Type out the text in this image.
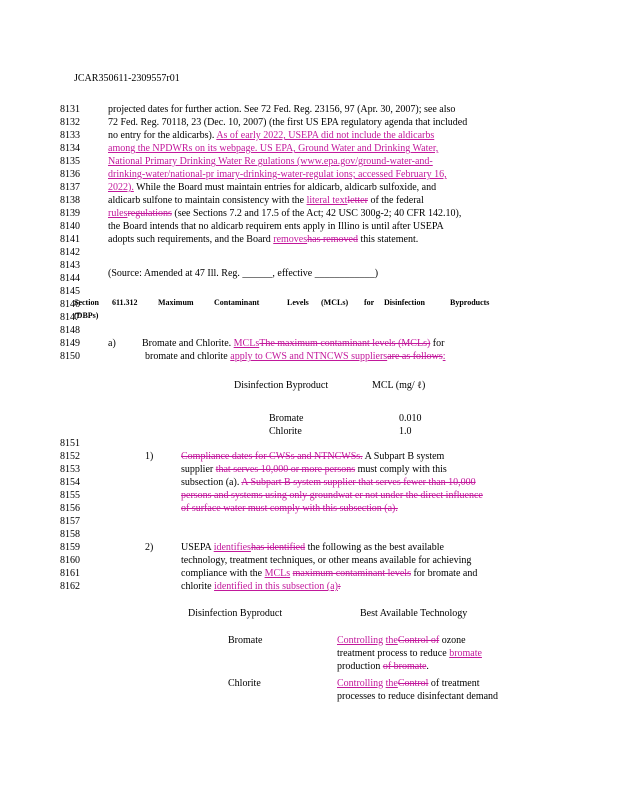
JCAR350611-2309557r01
8131
8132
8133
8134
8135
8136
8137
8138
8139
8140
8141
8142
8143
8144
8145
8146
8147
8148
8149
8150
8151
8152
8153
8154
8155
8156
8157
8158
8159
8160
8161
8162
projected dates for further action. See 72 Fed. Reg. 23156, 97 (Apr. 30, 2007); see also
72 Fed. Reg. 70118, 23 (Dec. 10, 2007) (the first US EPA regulatory agenda that included
no entry for the aldicarbs). As of early 2022, USEPA did not include the aldicarbs
among the NPDWRs on its webpage. US EPA, Ground Water and Drinking Water,
National Primary Drinking Water Re gulations (www.epa.gov/ground-water-and-
drinking-water/national-pr imary-drinking-water-regulat ions; accessed February 16,
2022). While the Board must maintain entries for aldicarb, aldicarb sulfoxide, and
aldicarb sulfone to maintain consistency with the literal textletter of the federal
rulesregulations (see Sections 7.2 and 17.5 of the Act; 42 USC 300g-2; 40 CFR 142.10),
the Board intends that no aldicarb requirem ents apply in Illino is until after USEPA
adopts such requirements, and the Board removeshas removed this statement.
(Source: Amended at 47 Ill. Reg. ______, effective ____________)
Section
(DBPs)
611.312	Maximum	Contaminant	Levels (MCLs) for Disinfection	Byproducts
a)	Bromate and Chlorite. MCLsThe maximum contaminant levels (MCLs) for
bromate and chlorite apply to CWS and NTNCWS suppliersare as follows:
Disinfection Byproduct	MCL (mg/ ℓ)
Bromate	0.010
Chlorite	1.0
1)	Compliance dates for CWSs and NTNCWSs. A Subpart B system
supplier that serves 10,000 or more persons must comply with this
subsection (a). A Subpart B system supplier that serves fewer than 10,000
persons and systems using only groundwat er not under the direct influence
of surface water must comply with this subsection (a).
2)	USEPA identifieshas identified the following as the best available
technology, treatment techniques, or other means available for achieving
compliance with the MCLs maximum contaminant levels for bromate and
chlorite identified in this subsection (a):
Disinfection Byproduct	Best Available Technology
Bromate	Controlling theControl of ozone
treatment process to reduce bromate
production of bromate.
Chlorite	Controlling theControl of treatment
processes to reduce disinfectant demand
